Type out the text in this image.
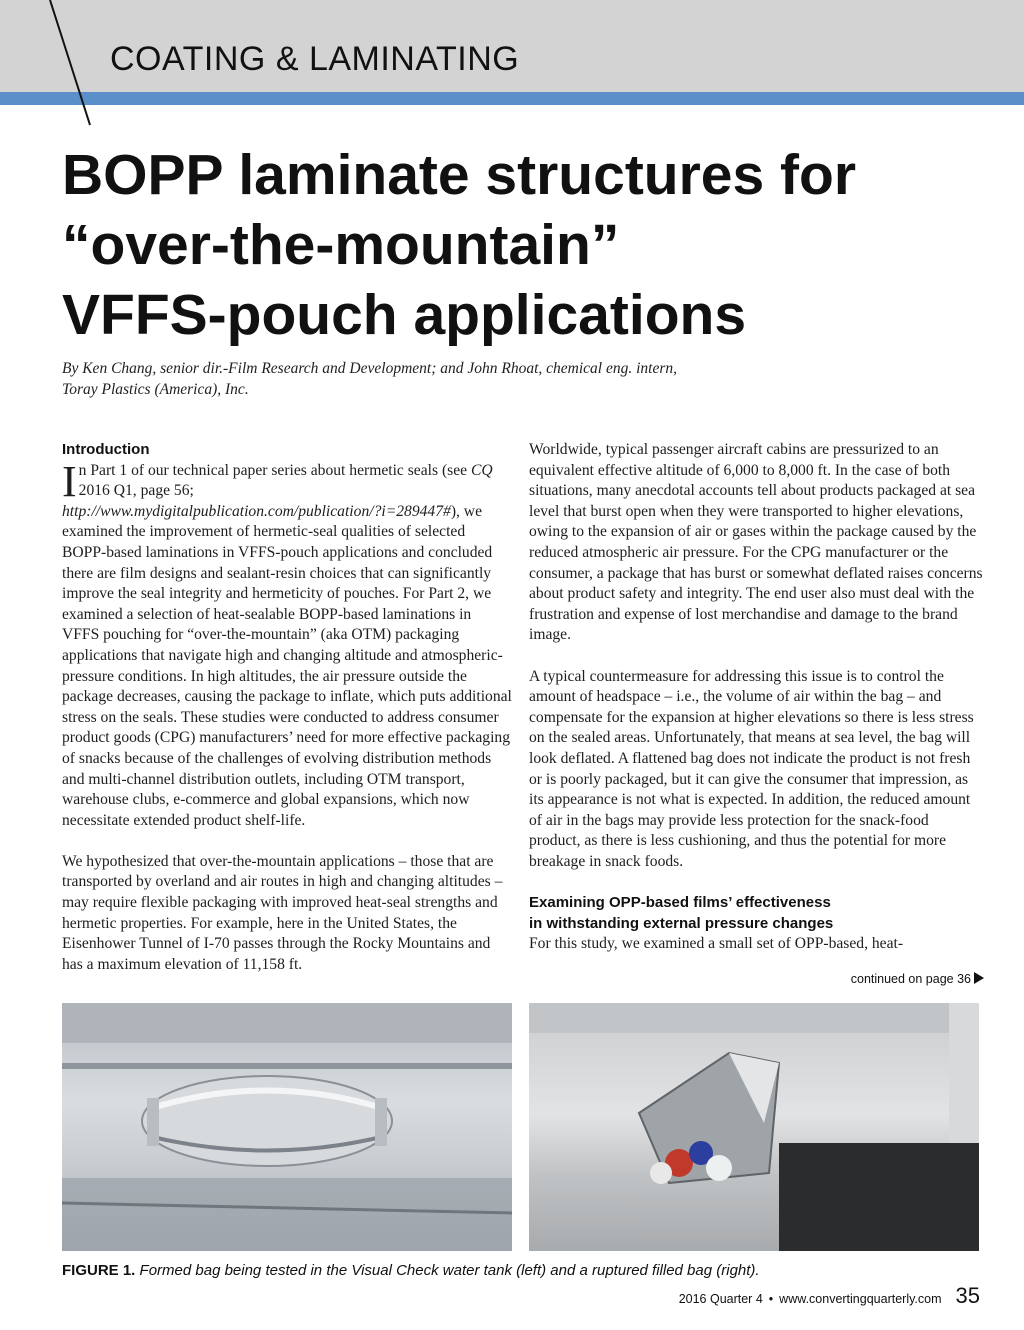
COATING & LAMINATING
BOPP laminate structures for
“over-the-mountain”
VFFS-pouch applications
By Ken Chang, senior dir.-Film Research and Development; and John Rhoat, chemical eng. intern,
Toray Plastics (America), Inc.
Introduction

In Part 1 of our technical paper series about hermetic seals (see CQ 2016 Q1, page 56; http://www.mydigitalpublication.com/publication/?i=289447#), we examined the improvement of hermetic-seal qualities of selected BOPP-based laminations in VFFS-pouch applications and concluded there are film designs and sealant-resin choices that can significantly improve the seal integrity and hermeticity of pouches. For Part 2, we examined a selection of heat-sealable BOPP-based laminations in VFFS pouching for “over-the-mountain” (aka OTM) packaging applications that navigate high and changing altitude and atmospheric-pressure conditions. In high altitudes, the air pressure outside the package decreases, causing the package to inflate, which puts additional stress on the seals. These studies were conducted to address consumer product goods (CPG) manufacturers’ need for more effective packaging of snacks because of the challenges of evolving distribution methods and multi-channel distribution outlets, including OTM transport, warehouse clubs, e-commerce and global expansions, which now necessitate extended product shelf-life.

We hypothesized that over-the-mountain applications – those that are transported by overland and air routes in high and changing altitudes – may require flexible packaging with improved heat-seal strengths and hermetic properties. For example, here in the United States, the Eisenhower Tunnel of I-70 passes through the Rocky Mountains and has a maximum elevation of 11,158 ft.

Worldwide, typical passenger aircraft cabins are pressurized to an equivalent effective altitude of 6,000 to 8,000 ft. In the case of both situations, many anecdotal accounts tell about products packaged at sea level that burst open when they were transported to higher elevations, owing to the expansion of air or gases within the package caused by the reduced atmospheric air pressure. For the CPG manufacturer or the consumer, a package that has burst or somewhat deflated raises concerns about product safety and integrity. The end user also must deal with the frustration and expense of lost merchandise and damage to the brand image.

A typical countermeasure for addressing this issue is to control the amount of headspace – i.e., the volume of air within the bag – and compensate for the expansion at higher elevations so there is less stress on the sealed areas. Unfortunately, that means at sea level, the bag will look deflated. A flattened bag does not indicate the product is not fresh or is poorly packaged, but it can give the consumer that impression, as its appearance is not what is expected. In addition, the reduced amount of air in the bags may provide less protection for the snack-food product, as there is less cushioning, and thus the potential for more breakage in snack foods.

Examining OPP-based films’ effectiveness
in withstanding external pressure changes
For this study, we examined a small set of OPP-based, heat-
continued on page 36
FIGURE 1. Formed bag being tested in the Visual Check water tank (left) and a ruptured filled bag (right).
2016 Quarter 4 • www.convertingquarterly.com 35
